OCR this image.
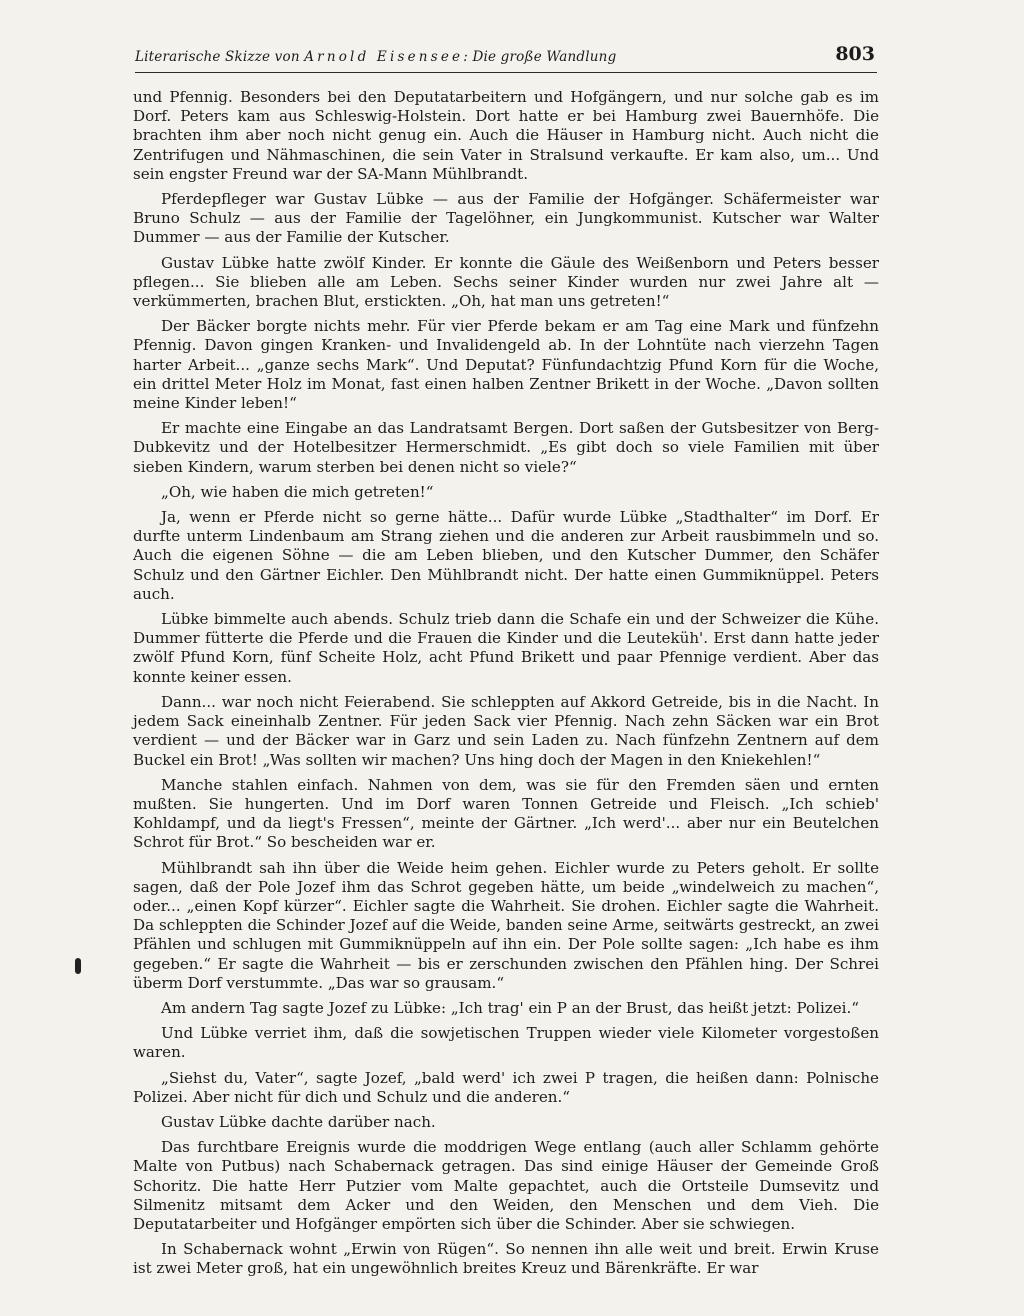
Literarische Skizze von Arnold Eisensee: Die große Wandlung	803

und Pfennig. Besonders bei den Deputatarbeitern und Hofgängern, und nur solche gab es im Dorf. Peters kam aus Schleswig-Holstein. Dort hatte er bei Hamburg zwei Bauernhöfe. Die brachten ihm aber noch nicht genug ein. Auch die Häuser in Hamburg nicht. Auch nicht die Zentrifugen und Nähmaschinen, die sein Vater in Stralsund verkaufte. Er kam also, um... Und sein engster Freund war der SA-Mann Mühlbrandt.

Pferdepfleger war Gustav Lübke — aus der Familie der Hofgänger. Schäfermeister war Bruno Schulz — aus der Familie der Tagelöhner, ein Jungkommunist. Kutscher war Walter Dummer — aus der Familie der Kutscher.

Gustav Lübke hatte zwölf Kinder. Er konnte die Gäule des Weißenborn und Peters besser pflegen... Sie blieben alle am Leben. Sechs seiner Kinder wurden nur zwei Jahre alt — verkümmerten, brachen Blut, erstickten. „Oh, hat man uns getreten!“

Der Bäcker borgte nichts mehr. Für vier Pferde bekam er am Tag eine Mark und fünfzehn Pfennig. Davon gingen Kranken- und Invalidengeld ab. In der Lohntüte nach vierzehn Tagen harter Arbeit... „ganze sechs Mark“. Und Deputat? Fünfundachtzig Pfund Korn für die Woche, ein drittel Meter Holz im Monat, fast einen halben Zentner Brikett in der Woche. „Davon sollten meine Kinder leben!“

Er machte eine Eingabe an das Landratsamt Bergen. Dort saßen der Gutsbesitzer von Berg-Dubkevitz und der Hotelbesitzer Hermerschmidt. „Es gibt doch so viele Familien mit über sieben Kindern, warum sterben bei denen nicht so viele?“

„Oh, wie haben die mich getreten!“

Ja, wenn er Pferde nicht so gerne hätte... Dafür wurde Lübke „Stadthalter“ im Dorf. Er durfte unterm Lindenbaum am Strang ziehen und die anderen zur Arbeit rausbimmeln und so. Auch die eigenen Söhne — die am Leben blieben, und den Kutscher Dummer, den Schäfer Schulz und den Gärtner Eichler. Den Mühlbrandt nicht. Der hatte einen Gummiknüppel. Peters auch.

Lübke bimmelte auch abends. Schulz trieb dann die Schafe ein und der Schweizer die Kühe. Dummer fütterte die Pferde und die Frauen die Kinder und die Leuteküh'. Erst dann hatte jeder zwölf Pfund Korn, fünf Scheite Holz, acht Pfund Brikett und paar Pfennige verdient. Aber das konnte keiner essen.

Dann... war noch nicht Feierabend. Sie schleppten auf Akkord Getreide, bis in die Nacht. In jedem Sack eineinhalb Zentner. Für jeden Sack vier Pfennig. Nach zehn Säcken war ein Brot verdient — und der Bäcker war in Garz und sein Laden zu. Nach fünfzehn Zentnern auf dem Buckel ein Brot! „Was sollten wir machen? Uns hing doch der Magen in den Kniekehlen!“

Manche stahlen einfach. Nahmen von dem, was sie für den Fremden säen und ernten mußten. Sie hungerten. Und im Dorf waren Tonnen Getreide und Fleisch. „Ich schieb' Kohldampf, und da liegt's Fressen“, meinte der Gärtner. „Ich werd'... aber nur ein Beutelchen Schrot für Brot.“ So bescheiden war er.

Mühlbrandt sah ihn über die Weide heim gehen. Eichler wurde zu Peters geholt. Er sollte sagen, daß der Pole Jozef ihm das Schrot gegeben hätte, um beide „windelweich zu machen“, oder... „einen Kopf kürzer“. Eichler sagte die Wahrheit. Sie drohen. Eichler sagte die Wahrheit. Da schleppten die Schinder Jozef auf die Weide, banden seine Arme, seitwärts gestreckt, an zwei Pfählen und schlugen mit Gummiknüppeln auf ihn ein. Der Pole sollte sagen: „Ich habe es ihm gegeben.“ Er sagte die Wahrheit — bis er zerschunden zwischen den Pfählen hing. Der Schrei überm Dorf verstummte. „Das war so grausam.“

Am andern Tag sagte Jozef zu Lübke: „Ich trag' ein P an der Brust, das heißt jetzt: Polizei.“

Und Lübke verriet ihm, daß die sowjetischen Truppen wieder viele Kilometer vorgestoßen waren.

„Siehst du, Vater“, sagte Jozef, „bald werd' ich zwei P tragen, die heißen dann: Polnische Polizei. Aber nicht für dich und Schulz und die anderen.“

Gustav Lübke dachte darüber nach.

Das furchtbare Ereignis wurde die moddrigen Wege entlang (auch aller Schlamm gehörte Malte von Putbus) nach Schabernack getragen. Das sind einige Häuser der Gemeinde Groß Schoritz. Die hatte Herr Putzier vom Malte gepachtet, auch die Ortsteile Dumsevitz und Silmenitz mitsamt dem Acker und den Weiden, den Menschen und dem Vieh. Die Deputatarbeiter und Hofgänger empörten sich über die Schinder. Aber sie schwiegen.

In Schabernack wohnt „Erwin von Rügen“. So nennen ihn alle weit und breit. Erwin Kruse ist zwei Meter groß, hat ein ungewöhnlich breites Kreuz und Bärenkräfte. Er war
